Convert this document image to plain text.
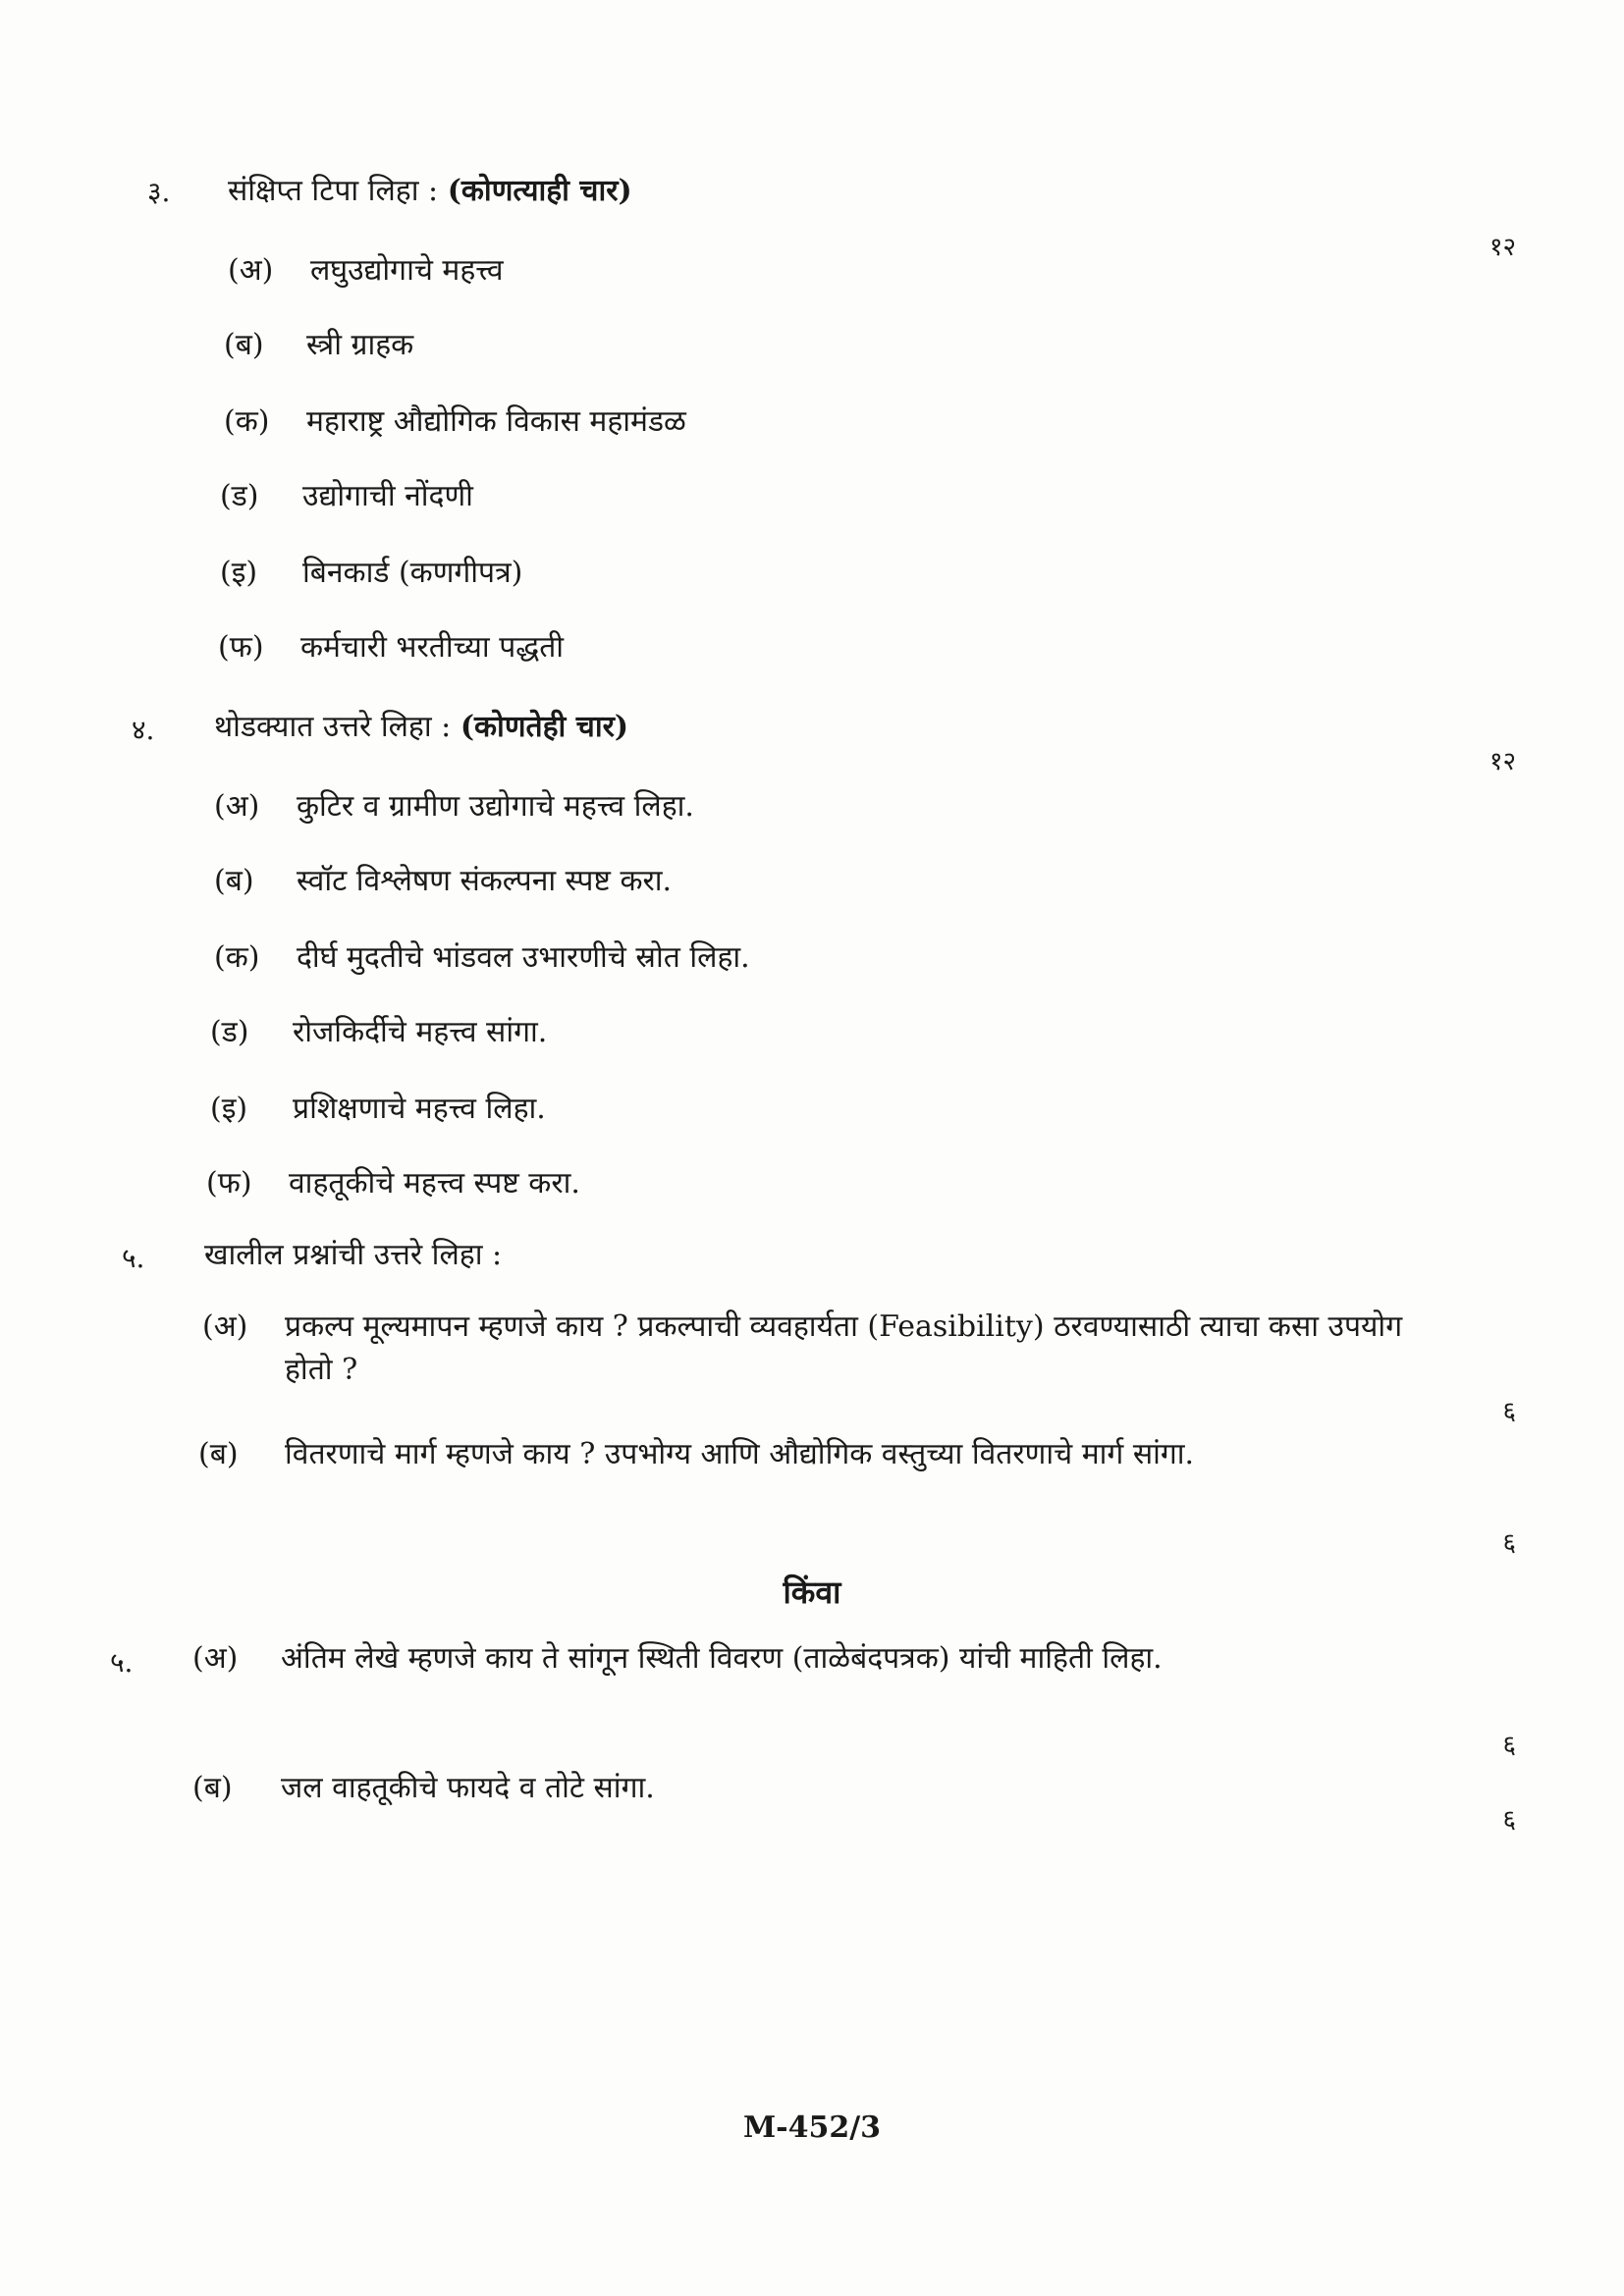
३. संक्षिप्त टिपा लिहा : (कोणत्याही चार)
१२
(अ) लघुउद्योगाचे महत्त्व
(ब) स्त्री ग्राहक
(क) महाराष्ट्र औद्योगिक विकास महामंडळ
(ड) उद्योगाची नोंदणी
(इ) बिनकार्ड (कणगीपत्र)
(फ) कर्मचारी भरतीच्या पद्धती
४. थोडक्यात उत्तरे लिहा : (कोणतेही चार)
१२
(अ) कुटिर व ग्रामीण उद्योगाचे महत्त्व लिहा.
(ब) स्वॉट विश्लेषण संकल्पना स्पष्ट करा.
(क) दीर्घ मुदतीचे भांडवल उभारणीचे स्रोत लिहा.
(ड) रोजकिर्दीचे महत्त्व सांगा.
(इ) प्रशिक्षणाचे महत्त्व लिहा.
(फ) वाहतूकीचे महत्त्व स्पष्ट करा.
५. खालील प्रश्नांची उत्तरे लिहा :
(अ) प्रकल्प मूल्यमापन म्हणजे काय ? प्रकल्पाची व्यवहार्यता (Feasibility) ठरवण्यासाठी त्याचा कसा उपयोग होतो ?
६
(ब) वितरणाचे मार्ग म्हणजे काय ? उपभोग्य आणि औद्योगिक वस्तुच्या वितरणाचे मार्ग सांगा.
६
किंवा
५. (अ) अंतिम लेखे म्हणजे काय ते सांगून स्थिती विवरण (ताळेबंदपत्रक) यांची माहिती लिहा.
६
(ब) जल वाहतूकीचे फायदे व तोटे सांगा.
६
M-452/3
